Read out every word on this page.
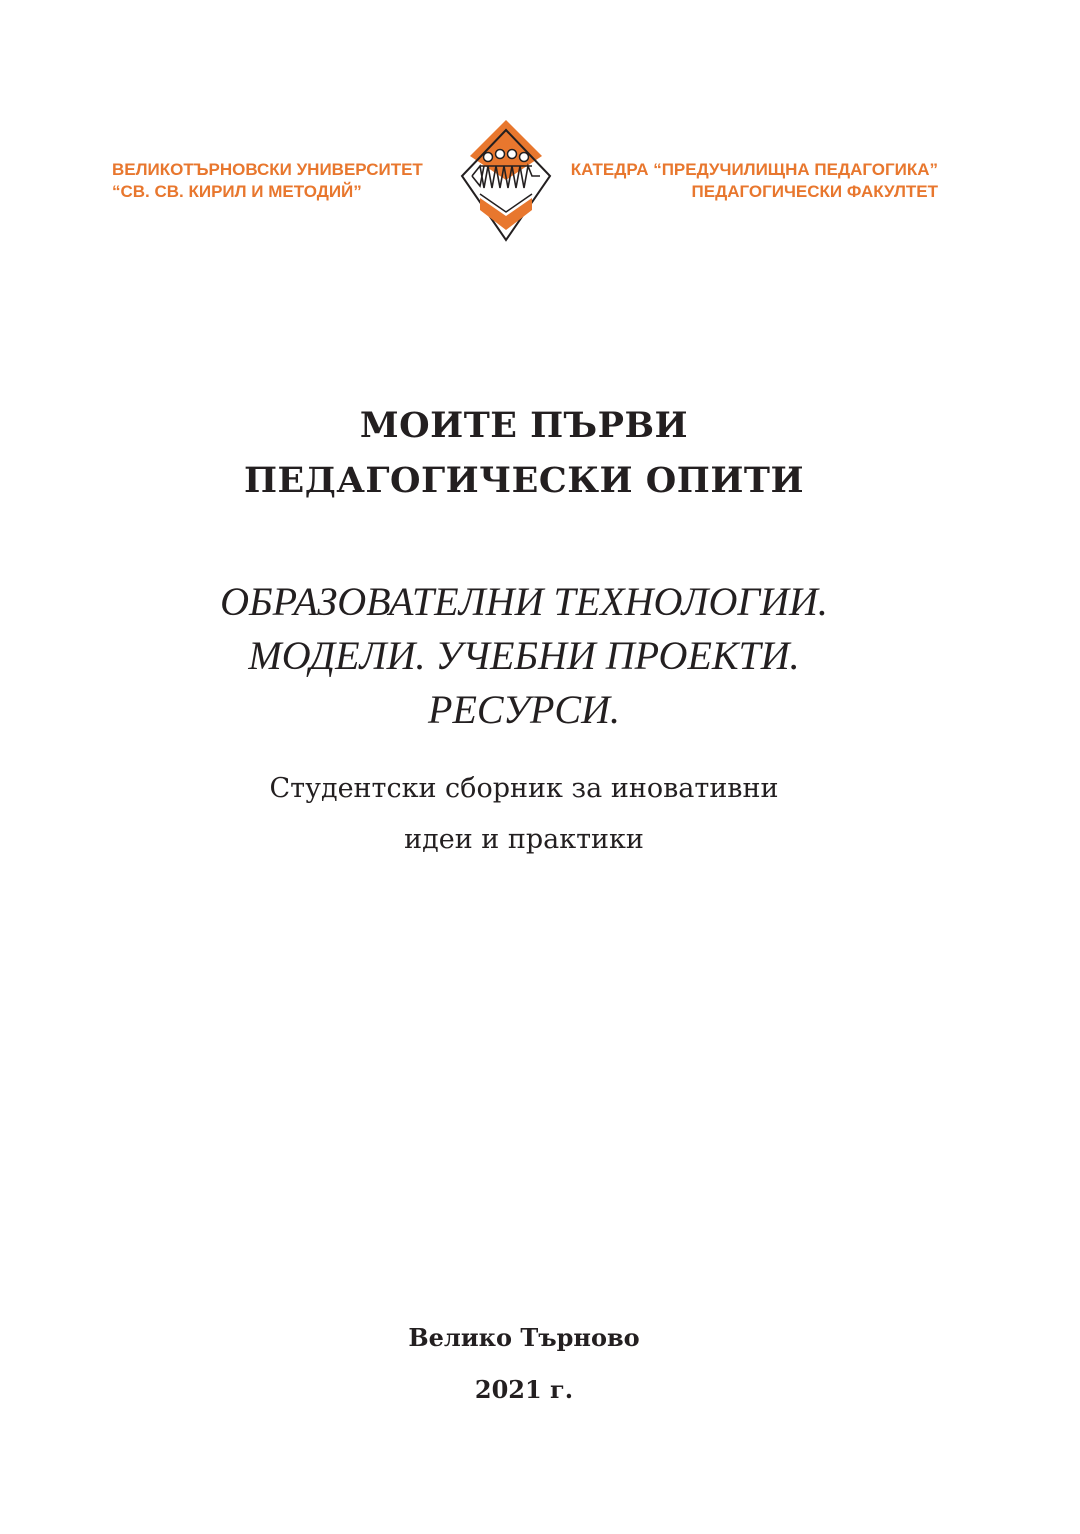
ВЕЛИКОТЪРНОВСКИ УНИВЕРСИТЕТ
“СВ. СВ. КИРИЛ И МЕТОДИЙ”
КАТЕДРА “ПРЕДУЧИЛИЩНА ПЕДАГОГИКА”
ПЕДАГОГИЧЕСКИ ФАКУЛТЕТ
МОИТЕ ПЪРВИ
ПЕДАГОГИЧЕСКИ ОПИТИ
ОБРАЗОВАТЕЛНИ ТЕХНОЛОГИИ.
МОДЕЛИ. УЧЕБНИ ПРОЕКТИ.
РЕСУРСИ.
Студентски сборник за иновативни
идеи и практики
Велико Търново
2021 г.
